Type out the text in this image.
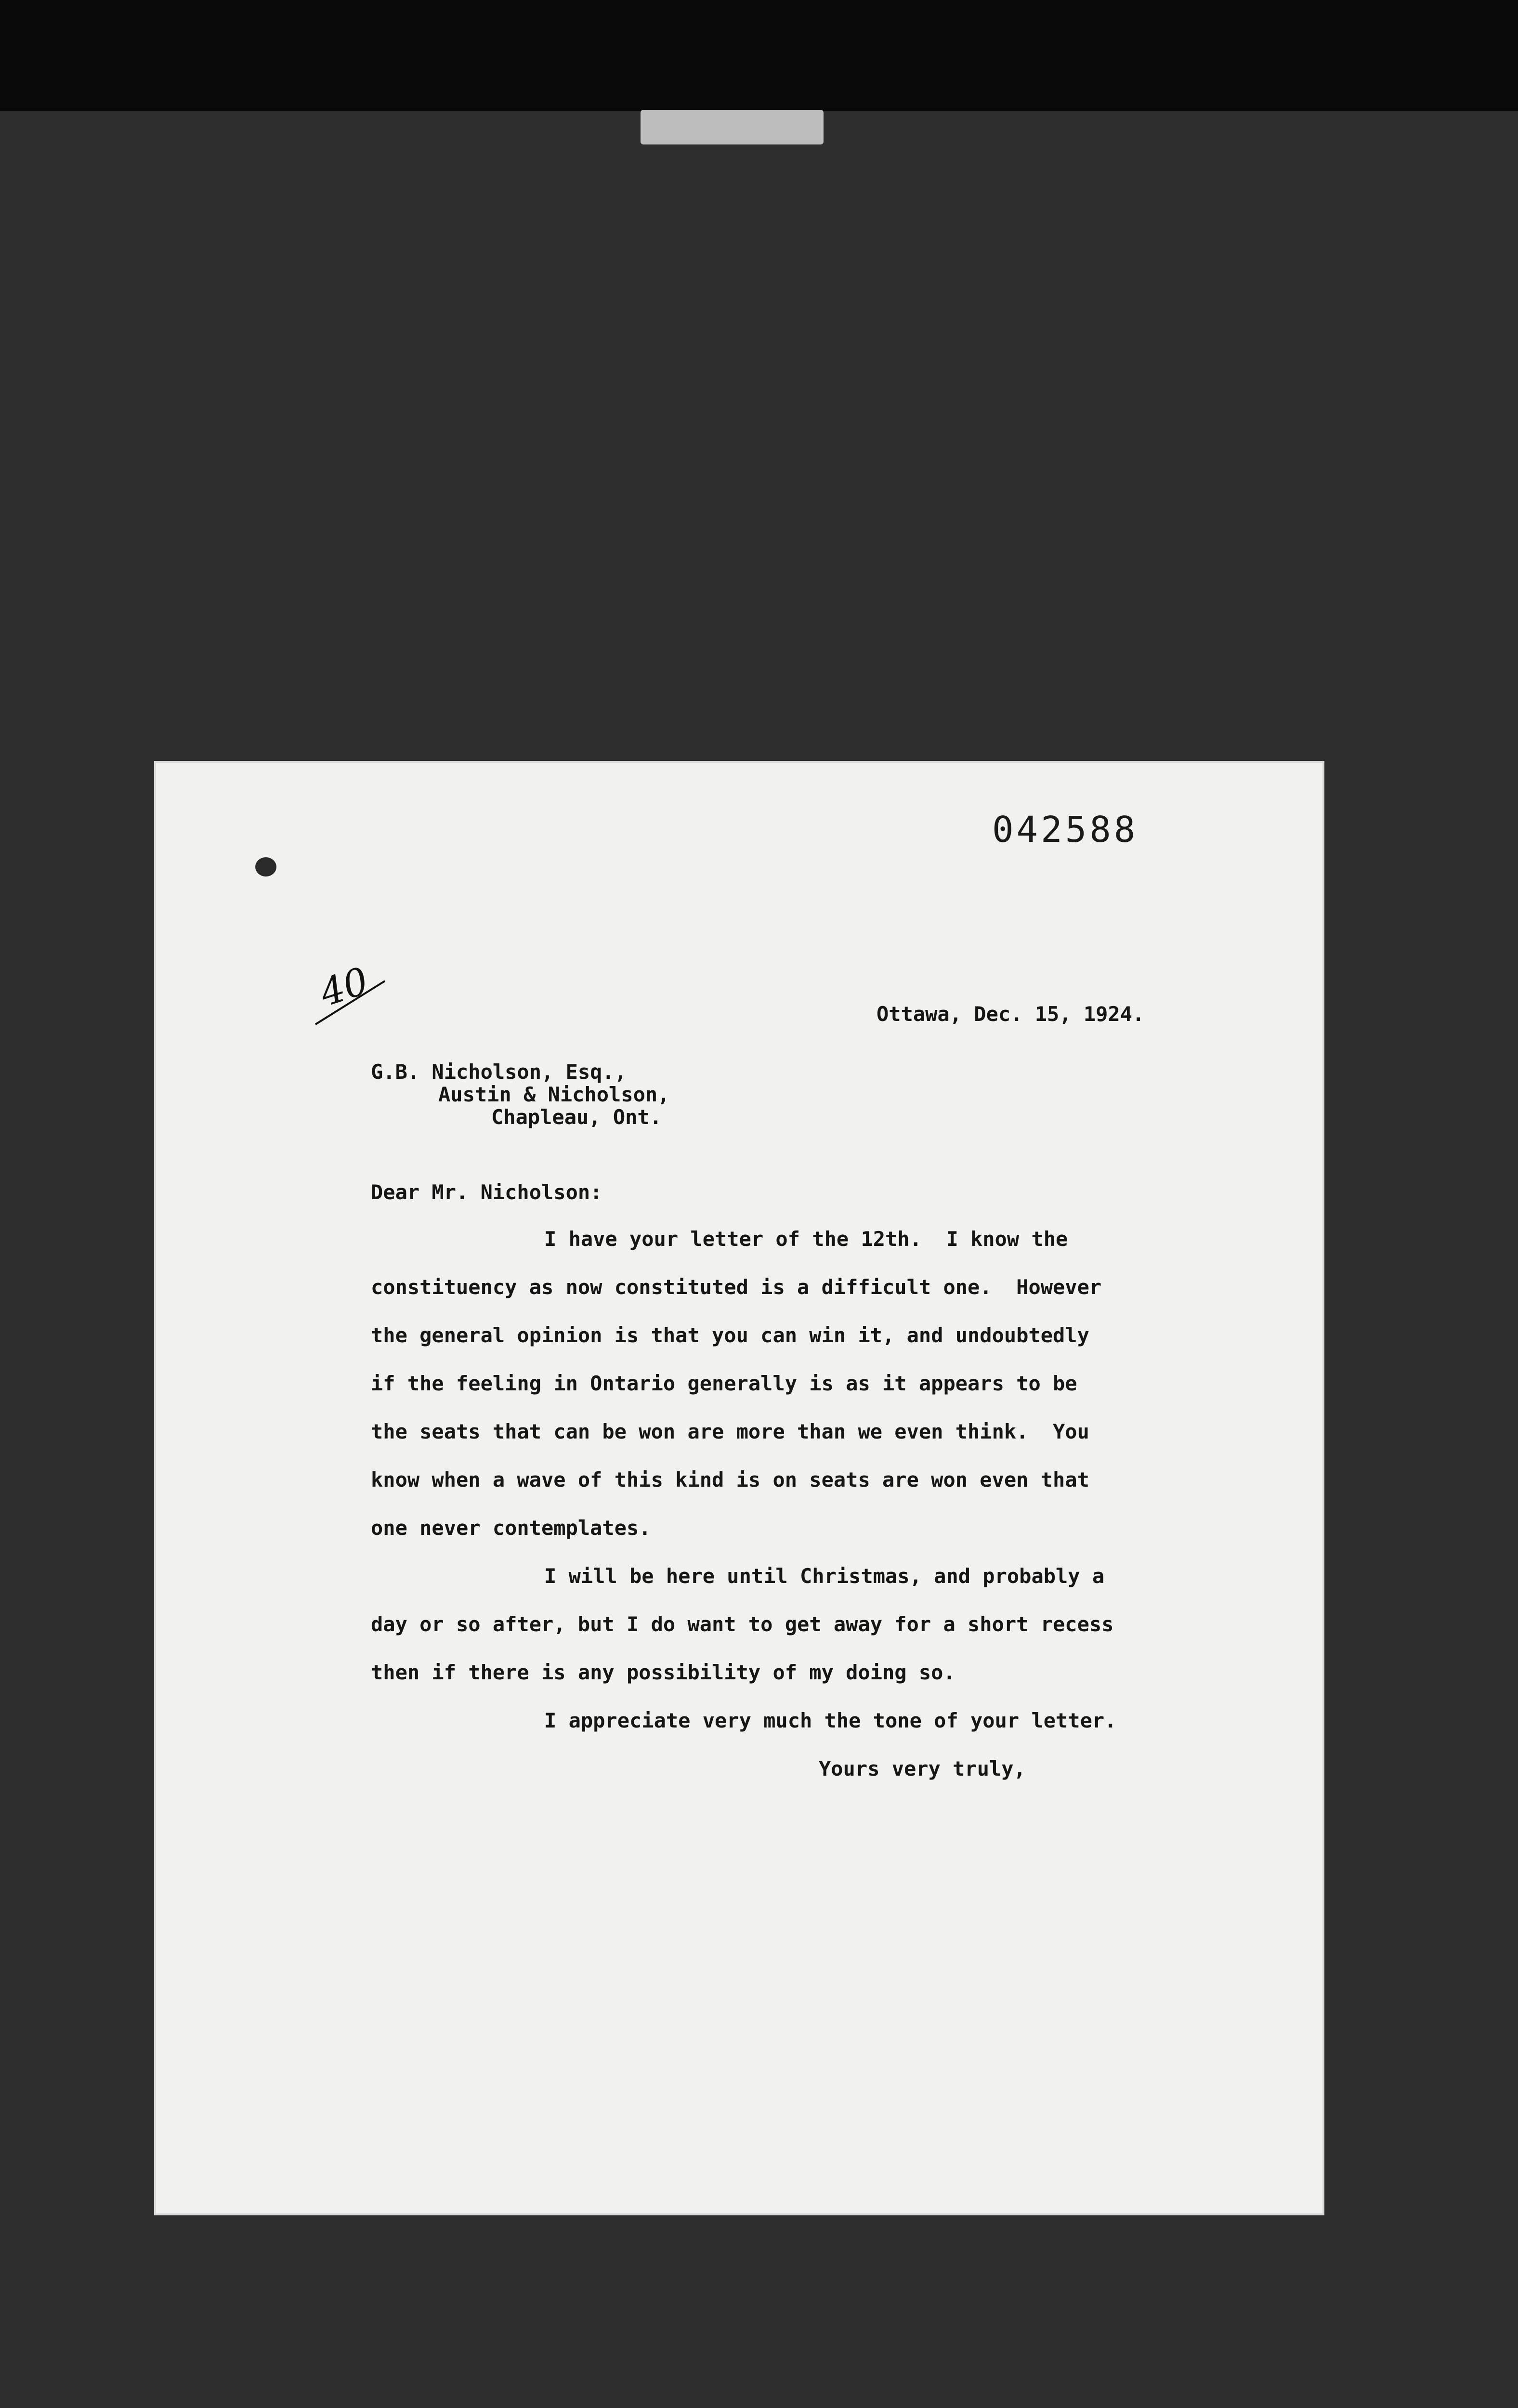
042588
40	Ottawa, Dec. 15, 1924.
G.B. Nicholson, Esq.,
Austin & Nicholson,
Chapleau, Ont.
Dear Mr. Nicholson:
I have your letter of the 12th.  I know the
constituency as now constituted is a difficult one.  However
the general opinion is that you can win it, and undoubtedly
if the feeling in Ontario generally is as it appears to be
the seats that can be won are more than we even think.  You
know when a wave of this kind is on seats are won even that
one never contemplates.
I will be here until Christmas, and probably a
day or so after, but I do want to get away for a short recess
then if there is any possibility of my doing so.
I appreciate very much the tone of your letter.
Yours very truly,
